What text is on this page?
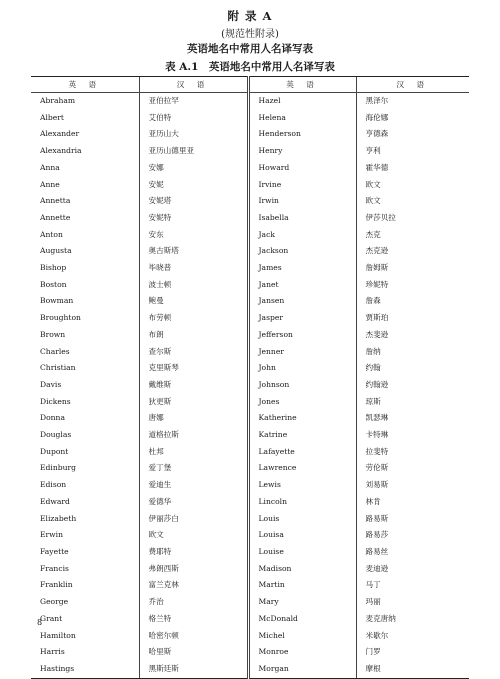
附 录 A
(规范性附录)
英语地名中常用人名译写表
表 A.1　英语地名中常用人名译写表
英 语	汉 语	英 语	汉 语
Abraham	亚伯拉罕	Hazel	黑泽尔
Albert	艾伯特	Helena	海伦娜
Alexander	亚历山大	Henderson	亨德森
Alexandria	亚历山德里亚	Henry	亨利
Anna	安娜	Howard	霍华德
Anne	安妮	Irvine	欧文
Annetta	安妮塔	Irwin	欧文
Annette	安妮特	Isabella	伊莎贝拉
Anton	安东	Jack	杰克
Augusta	奥古斯塔	Jackson	杰克逊
Bishop	毕晓普	James	詹姆斯
Boston	波士顿	Janet	珍妮特
Bowman	鲍曼	Jansen	詹森
Broughton	布劳顿	Jasper	贾斯珀
Brown	布朗	Jefferson	杰斐逊
Charles	查尔斯	Jenner	詹纳
Christian	克里斯琴	John	约翰
Davis	戴维斯	Johnson	约翰逊
Dickens	狄更斯	Jones	琼斯
Donna	唐娜	Katherine	凯瑟琳
Douglas	道格拉斯	Katrine	卡特琳
Dupont	杜邦	Lafayette	拉斐特
Edinburg	爱丁堡	Lawrence	劳伦斯
Edison	爱迪生	Lewis	刘易斯
Edward	爱德华	Lincoln	林肯
Elizabeth	伊丽莎白	Louis	路易斯
Erwin	欧文	Louisa	路易莎
Fayette	费耶特	Louise	路易丝
Francis	弗朗西斯	Madison	麦迪逊
Franklin	富兰克林	Martin	马丁
George	乔治	Mary	玛丽
Grant	格兰特	McDonald	麦克唐纳
Hamilton	哈密尔顿	Michel	米歇尔
Harris	哈里斯	Monroe	门罗
Hastings	黑斯廷斯	Morgan	摩根
8
